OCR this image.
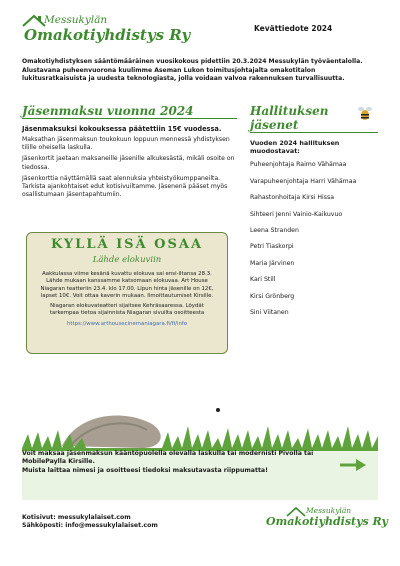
Messukylän
Omakotiyhdistys Ry	Kevättiedote 2024
Omakotiyhdistyksen sääntömääräinen vuosikokous pidettiin 20.3.2024 Messukylän työväentalolla. Alustavana puheenvuorona kuulimme Aseman Lukon toimitusjohtajalta omakotitalon lukitusratkaisuista ja uudesta teknologiasta, jolla voidaan valvoa rakennuksen turvallisuutta.
Jäsenmaksu vuonna 2024
Jäsenmaksuksi kokouksessa päätettiin 15€ vuodessa.

Maksathan jäsenmaksun toukokuun loppuun mennessä yhdistyksen tilille oheisella laskulla.

Jäsenkortit jaetaan maksaneille jäsenille alkukesästä, mikäli osoite on tiedossa.

Jäsenkorttia näyttämällä saat alennuksia yhteistyökumppaneilta. Tarkista ajankohtaiset edut kotisivuiltamme. Jäsenenä pääset myös osallistumaan jäsentapahtumiin.

Hallituksen jäsenet
Vuoden 2024 hallituksen muodostavat:
Puheenjohtaja Raimo Vähämaa
Varapuheenjohtaja Harri Vähämaa
Rahastonhoitaja Kirsi Hissa
Sihteeri Jenni Vainio-Kaikuvuo
Leena Stranden
Petri Tiaskorpi
Maria Järvinen
Kari Still
Kirsi Grönberg
Sini Viitanen
KYLLÄ ISÄ OSAA
Lähde elokuviin

Aakkulassa viime kesänä kuvattu elokuva sai ensi-iltansa 28.3. Lähde mukaan kanssamme katsomaan elokuvaa. Art House Niagaran teatteriin 23.4. klo 17.00. Lipun hinta jäsenille on 12€, lapset 10€. Voit ottaa kaverin mukaan. Ilmoittautumiset Kirsille.

Niagaran elokuvateatteri sijaitsee Kehräsaaressa. Löydät tarkempaa tietoa sijainnista Niagaran sivuilta osoitteesta

https://www.arthousecinemaniagara.fi/fi/info

Voit maksaa jäsenmaksun kääntöpuolella olevalla laskulla tai modernisti Pivolla tai MobilePaylla Kirsille.
Muista laittaa nimesi ja osoitteesi tiedoksi maksutavasta riippumatta!
Kotisivut: messukylalaiset.com
Sähköposti: info@messukylalaiset.com
Messukylän
Omakotiyhdistys Ry
